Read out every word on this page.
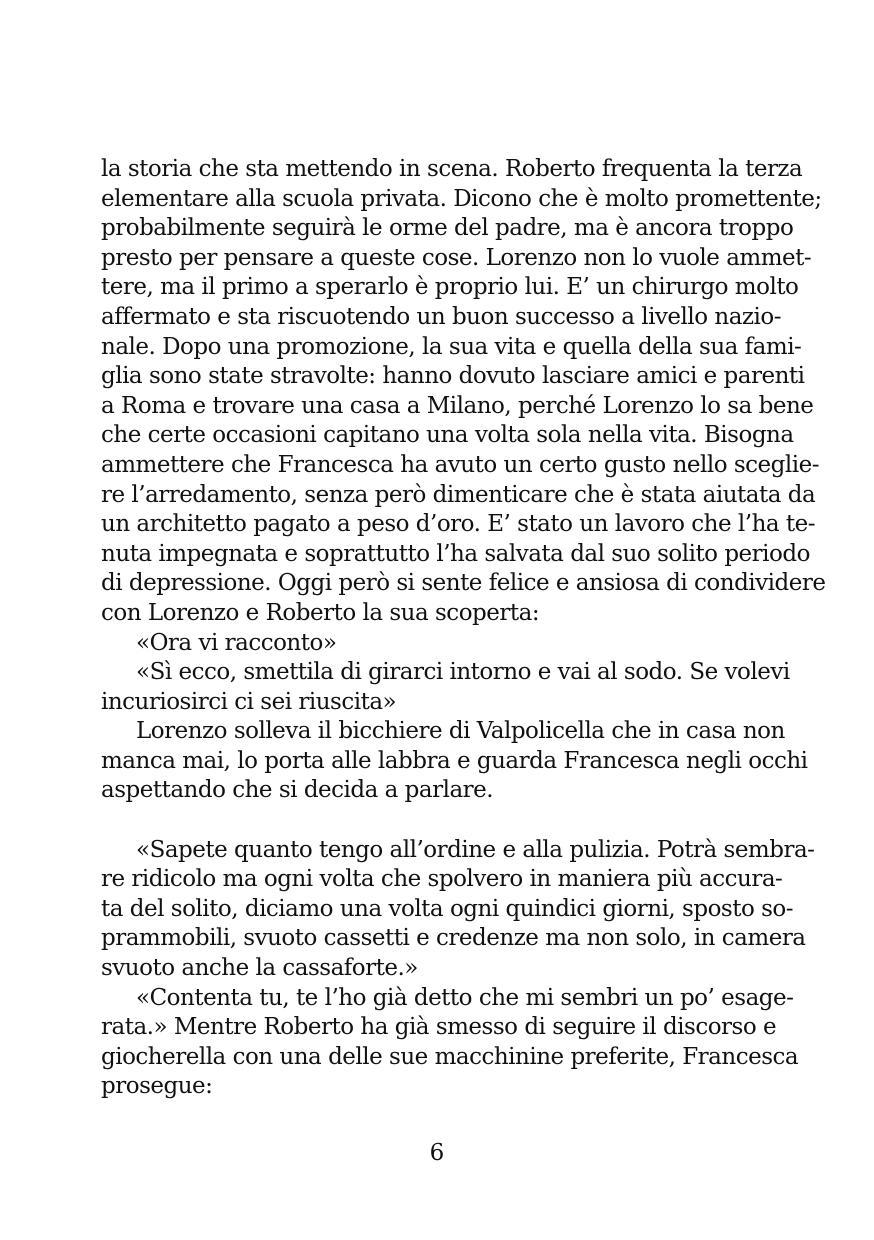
la storia che sta mettendo in scena. Roberto frequenta la terza

elementare alla scuola privata. Dicono che è molto promettente;

probabilmente seguirà le orme del padre, ma è ancora troppo

presto per pensare a queste cose. Lorenzo non lo vuole ammet-

tere, ma il primo a sperarlo è proprio lui. E’ un chirurgo molto

affermato e sta riscuotendo un buon successo a livello nazio-

nale. Dopo una promozione, la sua vita e quella della sua fami-

glia sono state stravolte: hanno dovuto lasciare amici e parenti

a Roma e trovare una casa a Milano, perché Lorenzo lo sa bene

che certe occasioni capitano una volta sola nella vita. Bisogna

ammettere che Francesca ha avuto un certo gusto nello sceglie-

re l’arredamento, senza però dimenticare che è stata aiutata da

un architetto pagato a peso d’oro. E’ stato un lavoro che l’ha te-

nuta impegnata e soprattutto l’ha salvata dal suo solito periodo

di depressione. Oggi però si sente felice e ansiosa di condividere

con Lorenzo e Roberto la sua scoperta:

«Ora vi racconto»

«Sì ecco, smettila di girarci intorno e vai al sodo. Se volevi

incuriosirci ci sei riuscita»

Lorenzo solleva il bicchiere di Valpolicella che in casa non

manca mai, lo porta alle labbra e guarda Francesca negli occhi

aspettando che si decida a parlare.

«Sapete quanto tengo all’ordine e alla pulizia. Potrà sembra-

re ridicolo ma ogni volta che spolvero in maniera più accura-

ta del solito, diciamo una volta ogni quindici giorni, sposto so-

prammobili, svuoto cassetti e credenze ma non solo, in camera

svuoto anche la cassaforte.»

«Contenta tu, te l’ho già detto che mi sembri un po’ esage-

rata.» Mentre Roberto ha già smesso di seguire il discorso e

giocherella con una delle sue macchinine preferite, Francesca

prosegue:

6
